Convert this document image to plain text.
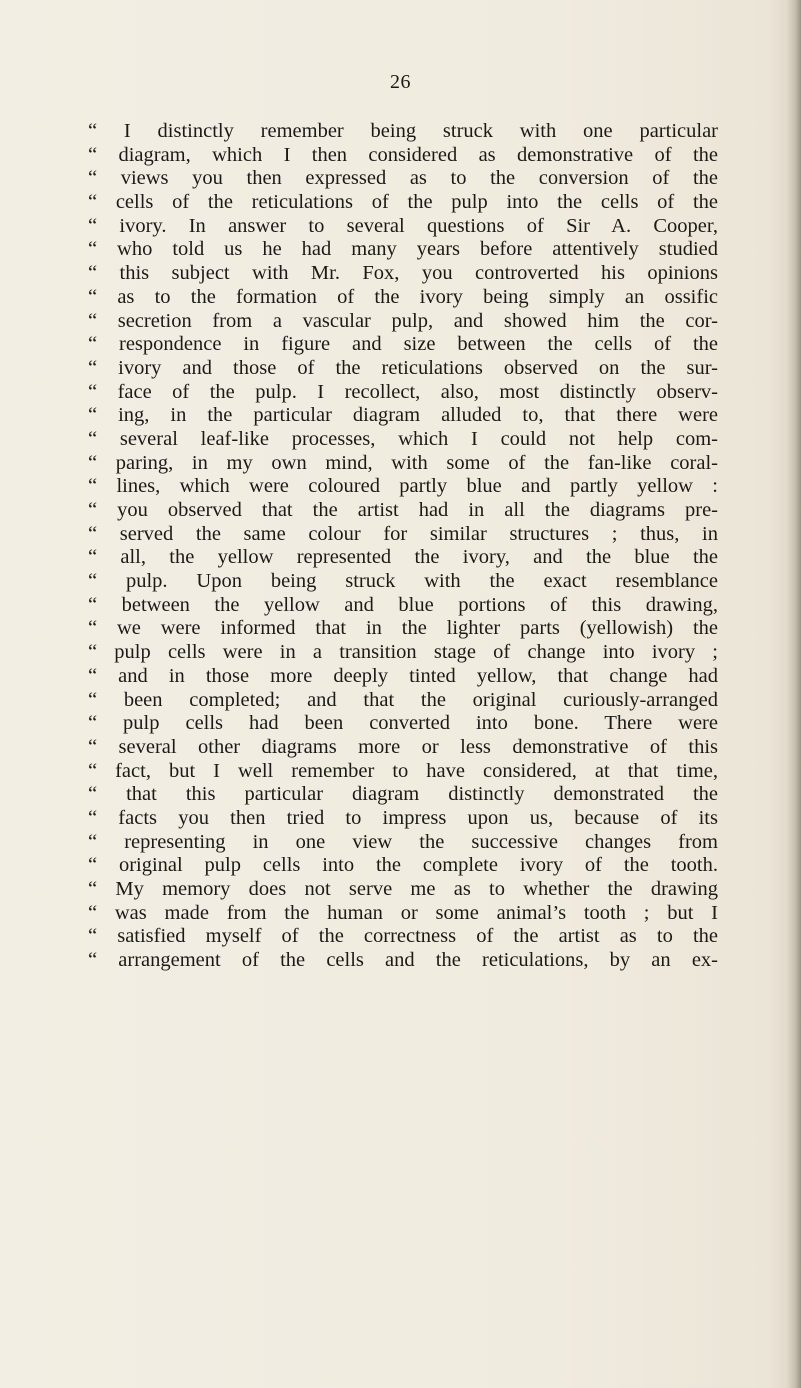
26
“ I distinctly remember being struck with one particular
“ diagram, which I then considered as demonstrative of the
“ views you then expressed as to the conversion of the
“ cells of the reticulations of the pulp into the cells of the
“ ivory. In answer to several questions of Sir A. Cooper,
“ who told us he had many years before attentively studied
“ this subject with Mr. Fox, you controverted his opinions
“ as to the formation of the ivory being simply an ossific
“ secretion from a vascular pulp, and showed him the cor-
“ respondence in figure and size between the cells of the
“ ivory and those of the reticulations observed on the sur-
“ face of the pulp. I recollect, also, most distinctly observ-
“ ing, in the particular diagram alluded to, that there were
“ several leaf-like processes, which I could not help com-
“ paring, in my own mind, with some of the fan-like coral-
“ lines, which were coloured partly blue and partly yellow :
“ you observed that the artist had in all the diagrams pre-
“ served the same colour for similar structures ; thus, in
“ all, the yellow represented the ivory, and the blue the
“ pulp. Upon being struck with the exact resemblance
“ between the yellow and blue portions of this drawing,
“ we were informed that in the lighter parts (yellowish) the
“ pulp cells were in a transition stage of change into ivory ;
“ and in those more deeply tinted yellow, that change had
“ been completed; and that the original curiously-arranged
“ pulp cells had been converted into bone. There were
“ several other diagrams more or less demonstrative of this
“ fact, but I well remember to have considered, at that time,
“ that this particular diagram distinctly demonstrated the
“ facts you then tried to impress upon us, because of its
“ representing in one view the successive changes from
“ original pulp cells into the complete ivory of the tooth.
“ My memory does not serve me as to whether the drawing
“ was made from the human or some animal’s tooth ; but I
“ satisfied myself of the correctness of the artist as to the
“ arrangement of the cells and the reticulations, by an ex-
